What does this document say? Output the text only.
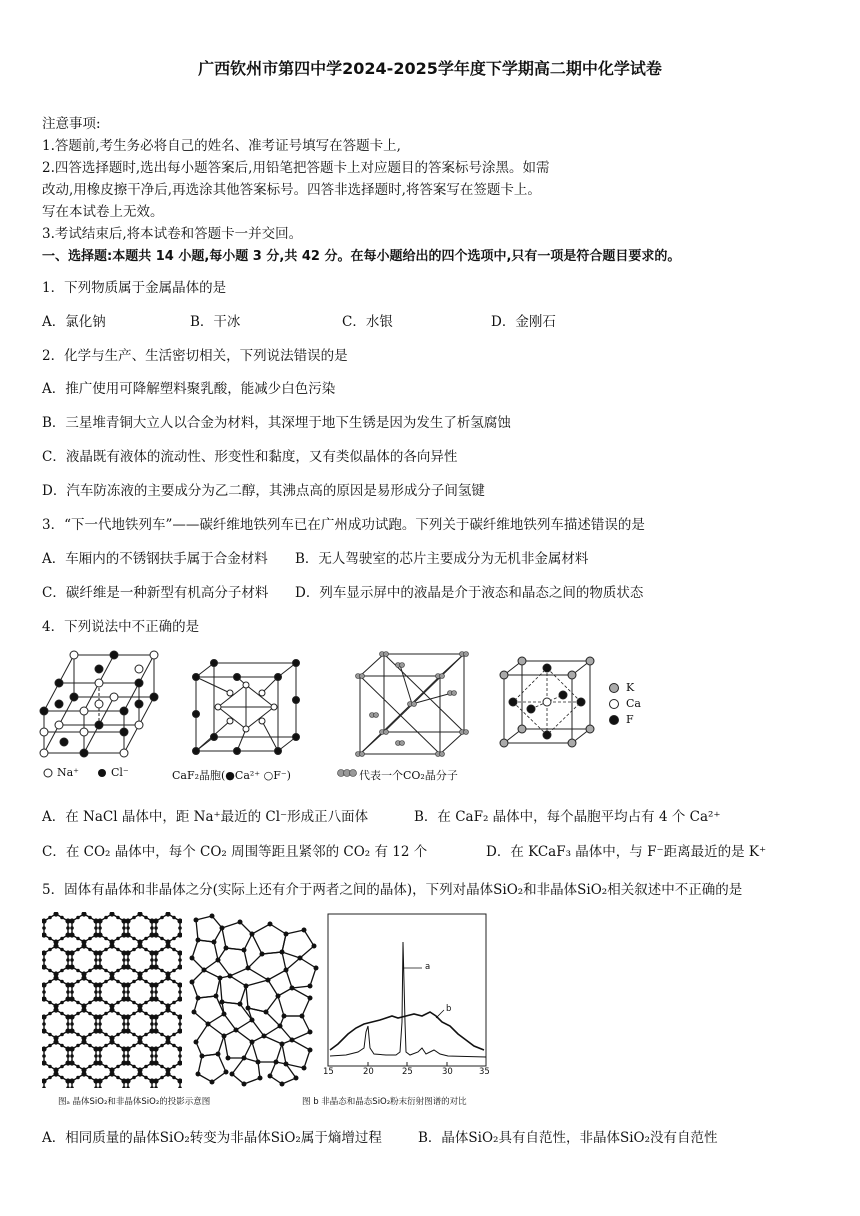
广西钦州市第四中学2024-2025学年度下学期高二期中化学试卷
注意事项:
1.答题前,考生务必将自己的姓名、准考证号填写在答题卡上,
2.四答选择题时,选出每小题答案后,用铅笔把答题卡上对应题目的答案标号涂黑。如需
改动,用橡皮擦干净后,再选涂其他答案标号。四答非选择题时,将答案写在签题卡上。
写在本试卷上无效。
3.考试结束后,将本试卷和答题卡一并交回。
一、选择题:本题共 14 小题,每小题 3 分,共 42 分。在每小题给出的四个选项中,只有一项是符合题目要求的。
1．下列物质属于金属晶体的是
A．氯化钠	B．干冰	C．水银	D．金刚石
2．化学与生产、生活密切相关，下列说法错误的是
A．推广使用可降解塑料聚乳酸，能减少白色污染
B．三星堆青铜大立人以合金为材料，其深埋于地下生锈是因为发生了析氢腐蚀
C．液晶既有液体的流动性、形变性和黏度，又有类似晶体的各向异性
D．汽车防冻液的主要成分为乙二醇，其沸点高的原因是易形成分子间氢键
3．“下一代地铁列车”——碳纤维地铁列车已在广州成功试跑。下列关于碳纤维地铁列车描述错误的是
A．车厢内的不锈钢扶手属于合金材料 B．无人驾驶室的芯片主要成分为无机非金属材料
C．碳纤维是一种新型有机高分子材料 D．列车显示屏中的液晶是介于液态和晶态之间的物质状态
4．下列说法中不正确的是
Na⁺	Cl⁻	CaF₂晶胞(●Ca²⁺ ○F⁻)	代表一个CO₂晶分子
K
Ca
F
A．在 NaCl 晶体中，距 Na⁺最近的 Cl⁻形成正八面体	B．在 CaF₂ 晶体中，每个晶胞平均占有 4 个 Ca²⁺
C．在 CO₂ 晶体中，每个 CO₂ 周围等距且紧邻的 CO₂ 有 12 个	D．在 KCaF₃ 晶体中，与 F⁻距离最近的是 K⁺
5．固体有晶体和非晶体之分(实际上还有介于两者之间的晶体)，下列对晶体SiO₂和非晶体SiO₂相关叙述中不正确的是
a
b
15	20	25	30	35
图ₐ 晶体SiO₂和非晶体SiO₂的投影示意图	图 b 非晶态和晶态SiO₂粉末衍射图谱的对比
A．相同质量的晶体SiO₂转变为非晶体SiO₂属于熵增过程	B．晶体SiO₂具有自范性，非晶体SiO₂没有自范性
